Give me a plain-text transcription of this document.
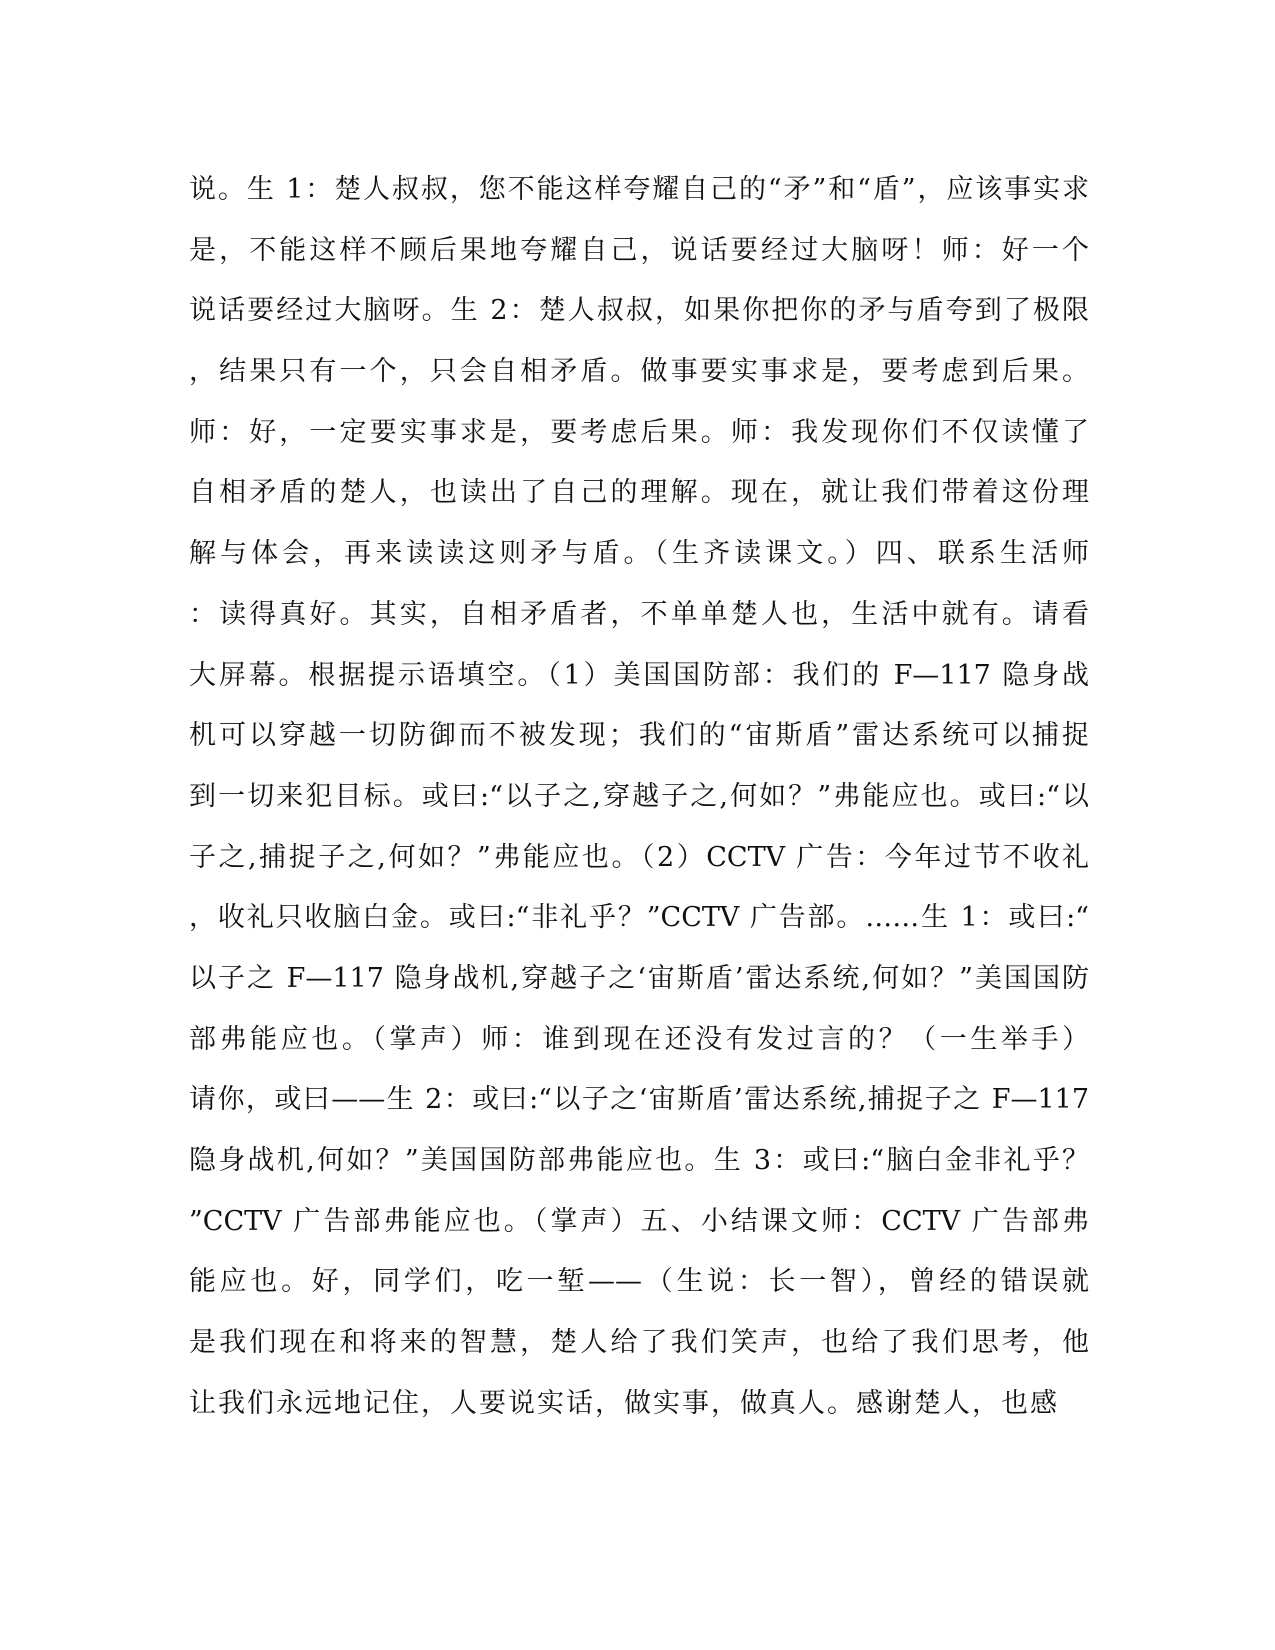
说。生 1：楚人叔叔，您不能这样夸耀自己的“矛”和“盾”，应该事实求
是，不能这样不顾后果地夸耀自己，说话要经过大脑呀！师：好一个
说话要经过大脑呀。生 2：楚人叔叔，如果你把你的矛与盾夸到了极限
，结果只有一个，只会自相矛盾。做事要实事求是，要考虑到后果。
师：好，一定要实事求是，要考虑后果。师：我发现你们不仅读懂了
自相矛盾的楚人，也读出了自己的理解。现在，就让我们带着这份理
解与体会，再来读读这则矛与盾。（生齐读课文。）四、联系生活师
：读得真好。其实，自相矛盾者，不单单楚人也，生活中就有。请看
大屏幕。根据提示语填空。（1）美国国防部：我们的 F—117 隐身战
机可以穿越一切防御而不被发现；我们的“宙斯盾”雷达系统可以捕捉
到一切来犯目标。或曰:“以子之,穿越子之,何如？”弗能应也。或曰:“以
子之,捕捉子之,何如？”弗能应也。（2）CCTV 广告：今年过节不收礼
，收礼只收脑白金。或曰:“非礼乎？”CCTV 广告部。……生 1：或曰:“
以子之 F—117 隐身战机,穿越子之‘宙斯盾’雷达系统,何如？”美国国防
部弗能应也。（掌声）师：谁到现在还没有发过言的？（一生举手）
请你，或曰——生 2：或曰:“以子之‘宙斯盾’雷达系统,捕捉子之 F—117
隐身战机,何如？”美国国防部弗能应也。生 3：或曰:“脑白金非礼乎？
”CCTV 广告部弗能应也。（掌声）五、小结课文师：CCTV 广告部弗
能应也。好，同学们，吃一堑——（生说：长一智），曾经的错误就
是我们现在和将来的智慧，楚人给了我们笑声，也给了我们思考，他
让我们永远地记住，人要说实话，做实事，做真人。感谢楚人，也感
